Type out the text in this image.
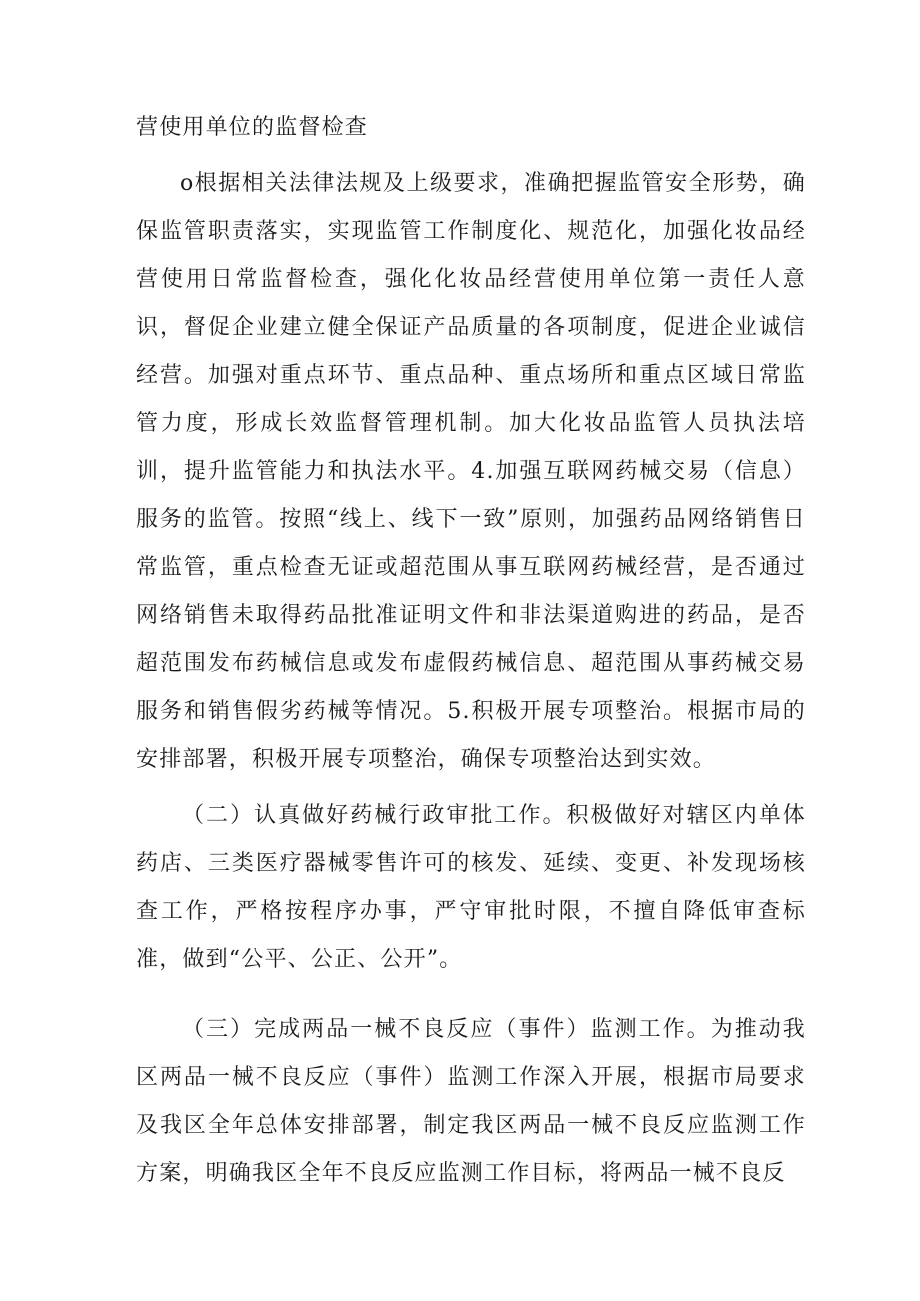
营使用单位的监督检查

o根据相关法律法规及上级要求，准确把握监管安全形势，确保监管职责落实，实现监管工作制度化、规范化，加强化妆品经营使用日常监督检查，强化化妆品经营使用单位第一责任人意识，督促企业建立健全保证产品质量的各项制度，促进企业诚信经营。加强对重点环节、重点品种、重点场所和重点区域日常监管力度，形成长效监督管理机制。加大化妆品监管人员执法培训，提升监管能力和执法水平。4.加强互联网药械交易（信息）服务的监管。按照“线上、线下一致”原则，加强药品网络销售日常监管，重点检查无证或超范围从事互联网药械经营，是否通过网络销售未取得药品批准证明文件和非法渠道购进的药品，是否超范围发布药械信息或发布虚假药械信息、超范围从事药械交易服务和销售假劣药械等情况。5.积极开展专项整治。根据市局的安排部署，积极开展专项整治，确保专项整治达到实效。

（二）认真做好药械行政审批工作。积极做好对辖区内单体药店、三类医疗器械零售许可的核发、延续、变更、补发现场核查工作，严格按程序办事，严守审批时限，不擅自降低审查标准，做到“公平、公正、公开”。

（三）完成两品一械不良反应（事件）监测工作。为推动我区两品一械不良反应（事件）监测工作深入开展，根据市局要求及我区全年总体安排部署，制定我区两品一械不良反应监测工作方案，明确我区全年不良反应监测工作目标，将两品一械不良反
